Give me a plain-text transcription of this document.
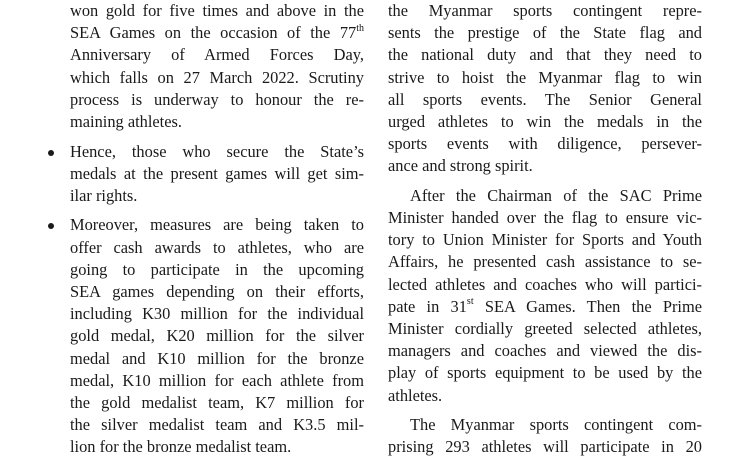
won gold for five times and above in the
SEA Games on the occasion of the 77th
Anniversary of Armed Forces Day,
which falls on 27 March 2022. Scrutiny
process is underway to honour the re-
maining athletes.
Hence, those who secure the State’s
medals at the present games will get sim-
ilar rights.
Moreover, measures are being taken to
offer cash awards to athletes, who are
going to participate in the upcoming
SEA games depending on their efforts,
including K30 million for the individual
gold medal, K20 million for the silver
medal and K10 million for the bronze
medal, K10 million for each athlete from
the gold medalist team, K7 million for
the silver medalist team and K3.5 mil-
lion for the bronze medalist team.
the Myanmar sports contingent repre-
sents the prestige of the State flag and
the national duty and that they need to
strive to hoist the Myanmar flag to win
all sports events. The Senior General
urged athletes to win the medals in the
sports events with diligence, persever-
ance and strong spirit.
After the Chairman of the SAC Prime
Minister handed over the flag to ensure vic-
tory to Union Minister for Sports and Youth
Affairs, he presented cash assistance to se-
lected athletes and coaches who will partici-
pate in 31st SEA Games. Then the Prime
Minister cordially greeted selected athletes,
managers and coaches and viewed the dis-
play of sports equipment to be used by the
athletes.
The Myanmar sports contingent com-
prising 293 athletes will participate in 20
